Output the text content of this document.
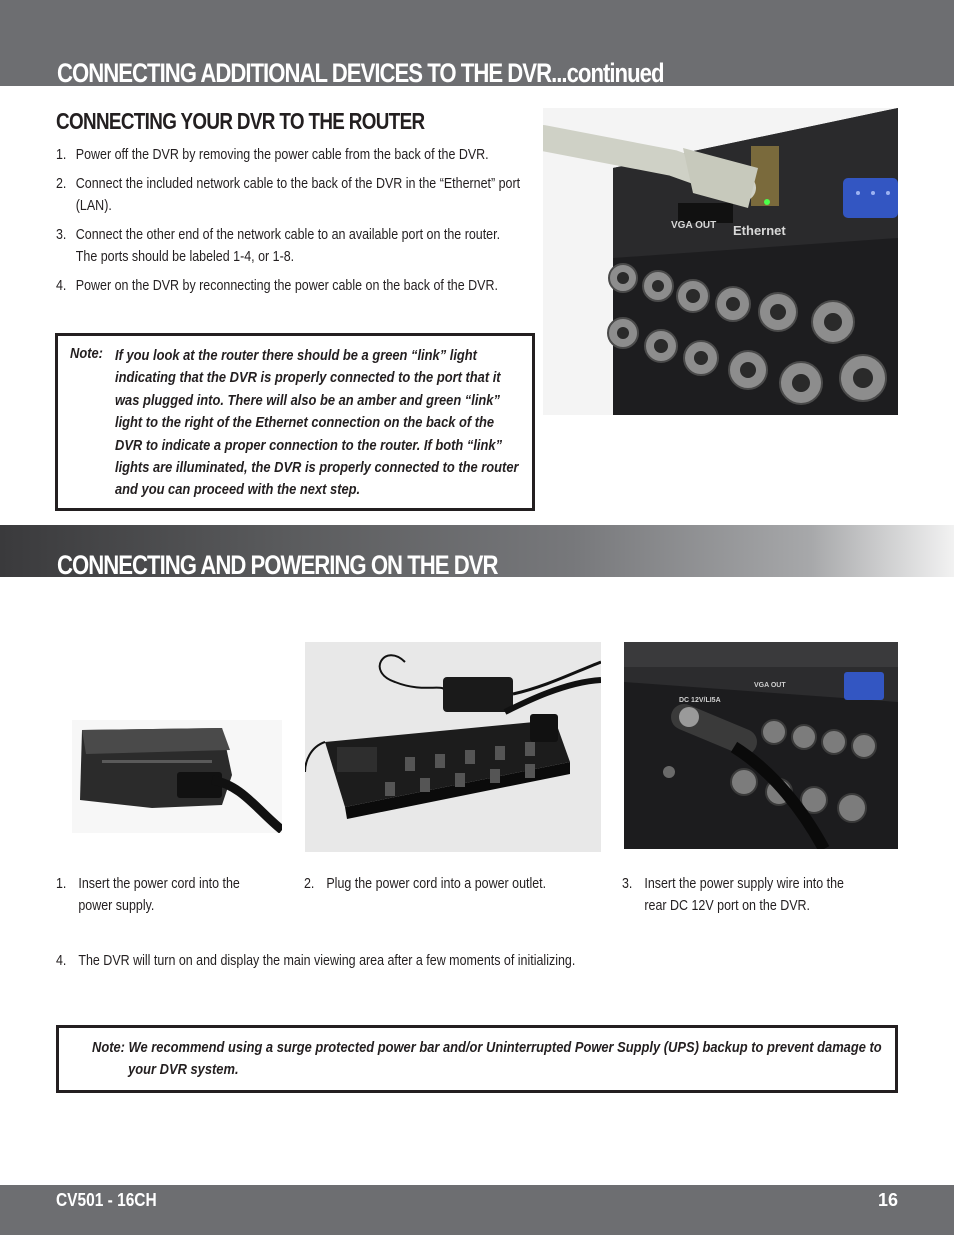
CONNECTING ADDITIONAL DEVICES TO THE DVR...continued
CONNECTING YOUR DVR TO THE ROUTER
1. Power off the DVR by removing the power cable from the back of the DVR.
2. Connect the included network cable to the back of the DVR in the “Ethernet” port (LAN).
3. Connect the other end of the network cable to an available port on the router. The ports should be labeled 1-4, or 1-8.
4. Power on the DVR by reconnecting the power cable on the back of the DVR.
Note: If you look at the router there should be a green “link” light indicating that the DVR is properly connected to the port that it was plugged into. There will also be an amber and green “link” light to the right of the Ethernet connection on the back of the DVR to indicate a proper connection to the router. If both “link” lights are illuminated, the DVR is properly connected to the router and you can proceed with the next step.
VGA OUT Ethernet
CONNECTING AND POWERING ON THE DVR
DC 12V/LI5A
VGA OUT
1. Insert the power cord into the power supply.
2. Plug the power cord into a power outlet.	3. Insert the power supply wire into the rear DC 12V port on the DVR.
4. The DVR will turn on and display the main viewing area after a few moments of initializing.
Note: We recommend using a surge protected power bar and/or Uninterrupted Power Supply (UPS) backup to prevent damage to your DVR system.
CV501 - 16CH	16
